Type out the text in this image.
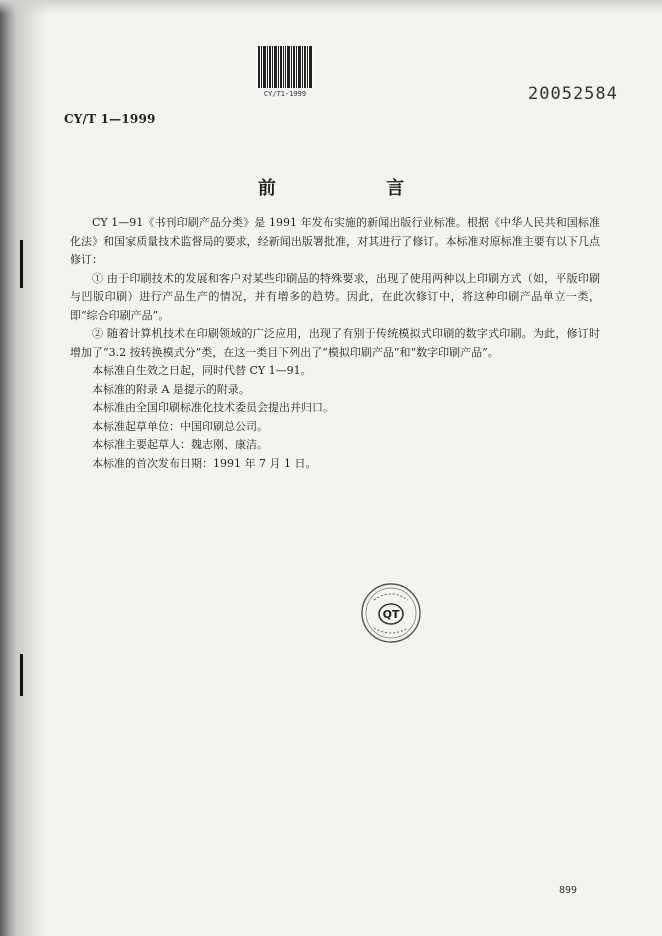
CY/T1-1999	20052584
CY/T 1—1999
前 言

CY 1—91《书刊印刷产品分类》是 1991 年发布实施的新闻出版行业标准。根据《中华人民共和国标准化法》和国家质量技术监督局的要求，经新闻出版署批准，对其进行了修订。本标准对原标准主要有以下几点修订：

① 由于印刷技术的发展和客户对某些印刷品的特殊要求，出现了使用两种以上印刷方式（如，平版印刷与凹版印刷）进行产品生产的情况，并有增多的趋势。因此，在此次修订中，将这种印刷产品单立一类，即“综合印刷产品”。

② 随着计算机技术在印刷领域的广泛应用，出现了有别于传统模拟式印刷的数字式印刷。为此，修订时增加了“3.2 按转换模式分”类，在这一类目下列出了“模拟印刷产品”和“数字印刷产品”。

本标准自生效之日起，同时代替 CY 1—91。

本标准的附录 A 是提示的附录。

本标准由全国印刷标准化技术委员会提出并归口。

本标准起草单位：中国印刷总公司。

本标准主要起草人：魏志刚、康洁。

本标准的首次发布日期：1991 年 7 月 1 日。

QT
899
